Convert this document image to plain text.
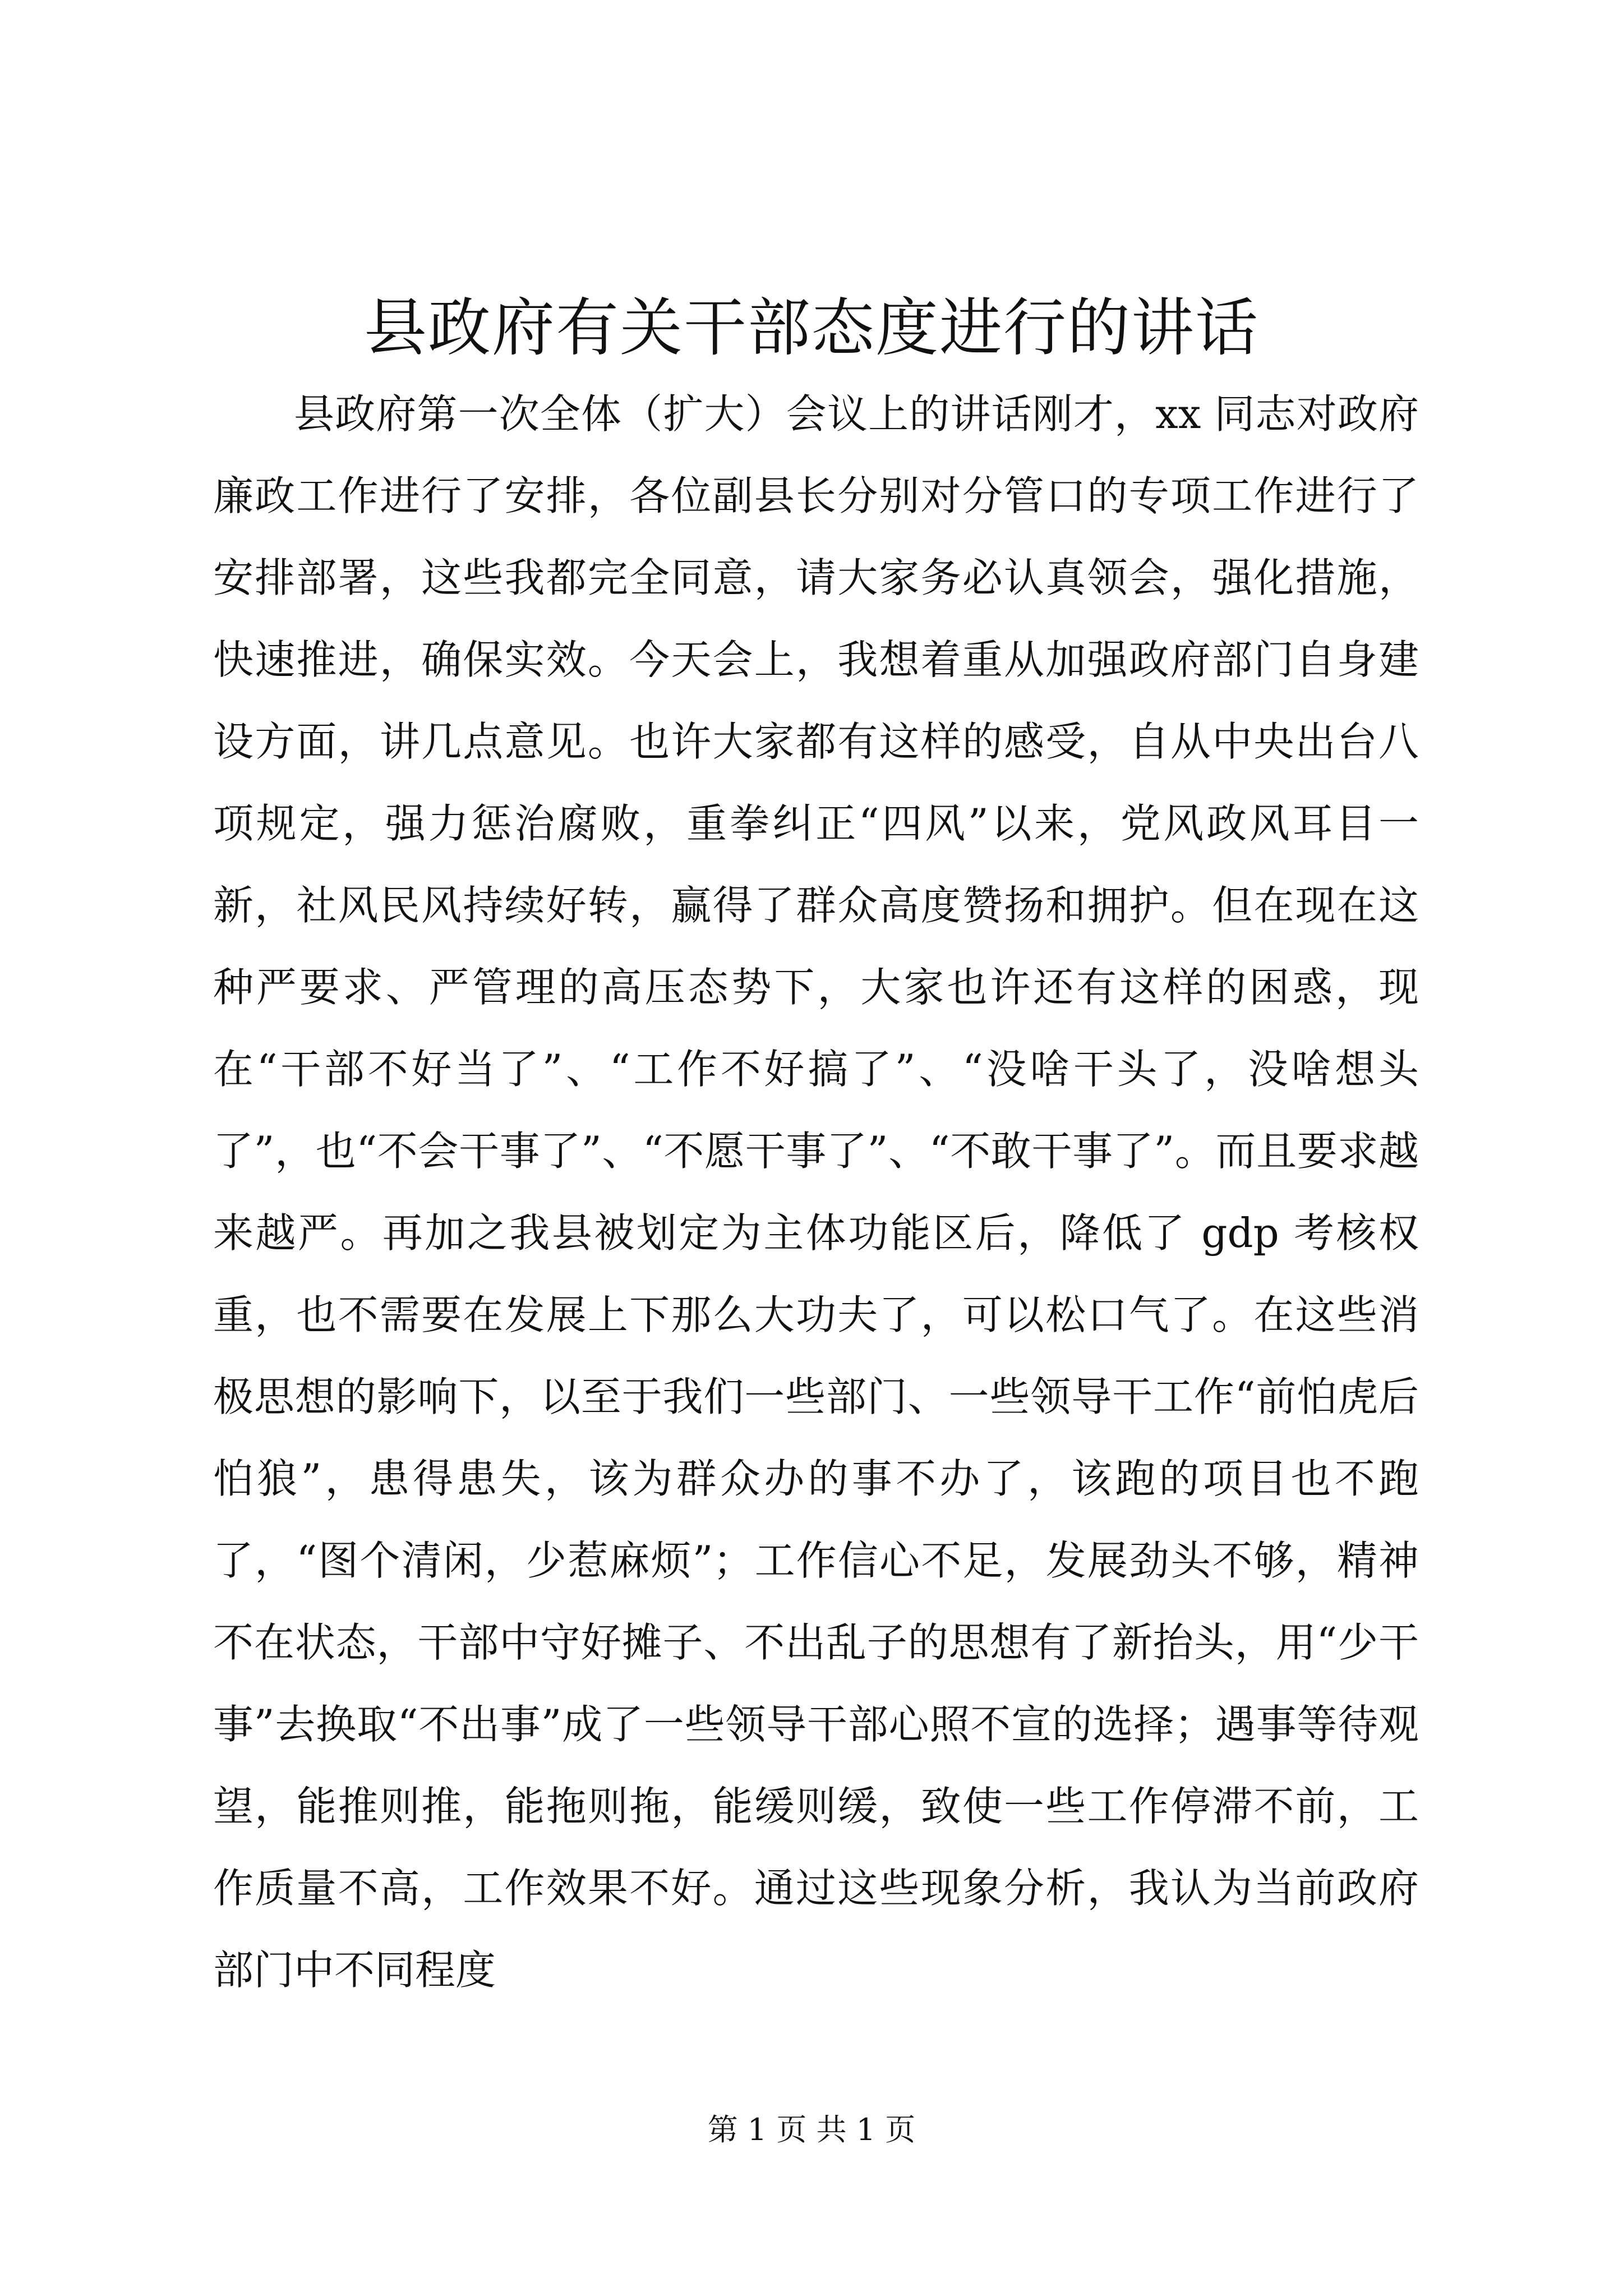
县政府有关干部态度进行的讲话

县政府第一次全体（扩大）会议上的讲话刚才，xx 同志对政府廉政工作进行了安排，各位副县长分别对分管口的专项工作进行了安排部署，这些我都完全同意，请大家务必认真领会，强化措施，快速推进，确保实效。今天会上，我想着重从加强政府部门自身建设方面，讲几点意见。也许大家都有这样的感受，自从中央出台八项规定，强力惩治腐败，重拳纠正“四风”以来，党风政风耳目一新，社风民风持续好转，赢得了群众高度赞扬和拥护。但在现在这种严要求、严管理的高压态势下，大家也许还有这样的困惑，现在“干部不好当了”、“工作不好搞了”、“没啥干头了，没啥想头了”，也“不会干事了”、“不愿干事了”、“不敢干事了”。而且要求越来越严。再加之我县被划定为主体功能区后，降低了 gdp 考核权重，也不需要在发展上下那么大功夫了，可以松口气了。在这些消极思想的影响下，以至于我们一些部门、一些领导干工作“前怕虎后怕狼”，患得患失，该为群众办的事不办了，该跑的项目也不跑了，“图个清闲，少惹麻烦”；工作信心不足，发展劲头不够，精神不在状态，干部中守好摊子、不出乱子的思想有了新抬头，用“少干事”去换取“不出事”成了一些领导干部心照不宣的选择；遇事等待观望，能推则推，能拖则拖，能缓则缓，致使一些工作停滞不前，工作质量不高，工作效果不好。通过这些现象分析，我认为当前政府部门中不同程度

第 1 页 共 1 页
